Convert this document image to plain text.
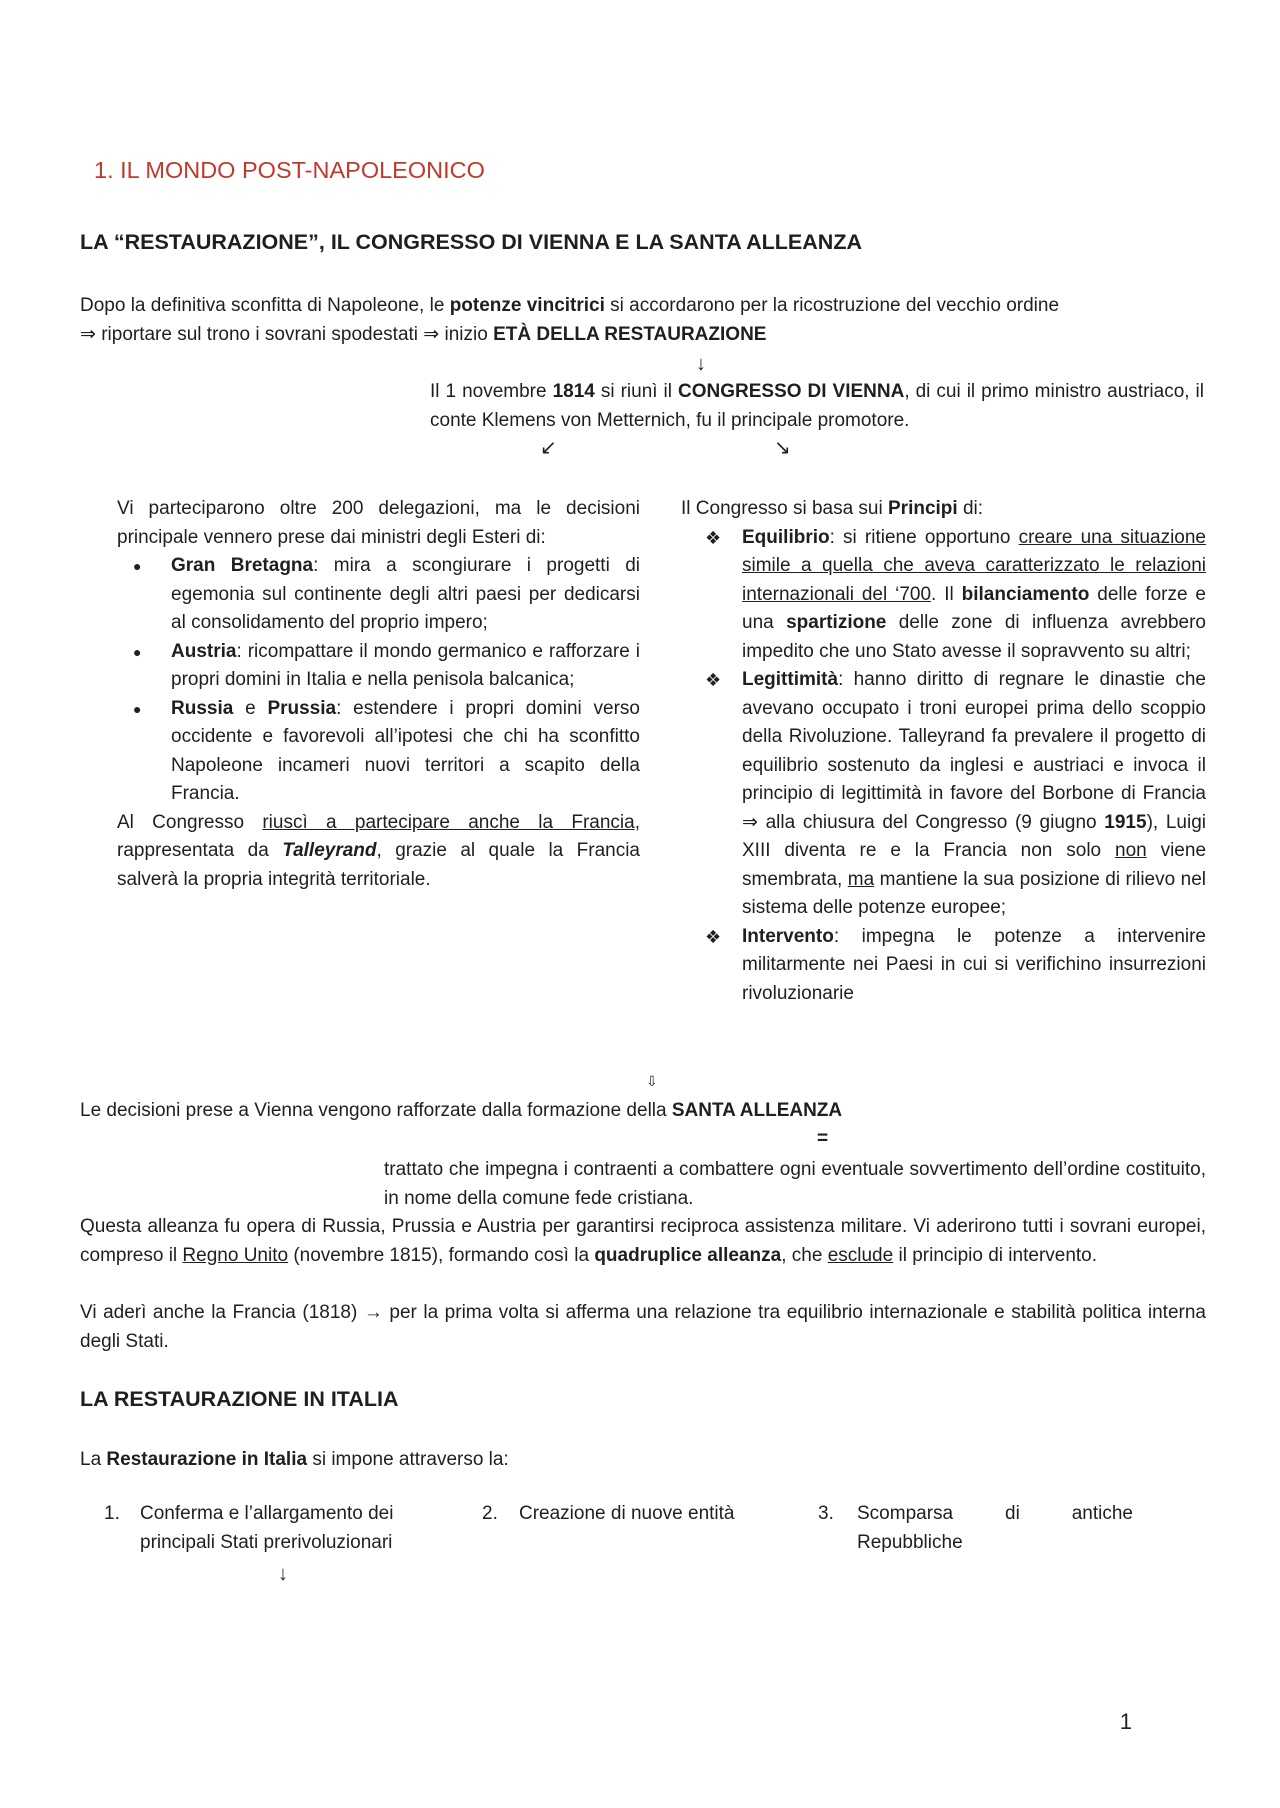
1. IL MONDO POST-NAPOLEONICO
LA “RESTAURAZIONE”, IL CONGRESSO DI VIENNA E LA SANTA ALLEANZA
Dopo la definitiva sconfitta di Napoleone, le potenze vincitrici si accordarono per la ricostruzione del vecchio ordine
⇒ riportare sul trono i sovrani spodestati ⇒ inizio ETÀ DELLA RESTAURAZIONE
↓
Il 1 novembre 1814 si riunì il CONGRESSO DI VIENNA, di cui il primo ministro austriaco, il conte Klemens von Metternich, fu il principale promotore.
↙	↘
Vi parteciparono oltre 200 delegazioni, ma le decisioni principale vennero prese dai ministri degli Esteri di:
● Gran Bretagna: mira a scongiurare i progetti di egemonia sul continente degli altri paesi per dedicarsi al consolidamento del proprio impero;
● Austria: ricompattare il mondo germanico e rafforzare i propri domini in Italia e nella penisola balcanica;
● Russia e Prussia: estendere i propri domini verso occidente e favorevoli all’ipotesi che chi ha sconfitto Napoleone incameri nuovi territori a scapito della Francia.
Al Congresso riuscì a partecipare anche la Francia, rappresentata da Talleyrand, grazie al quale la Francia salverà la propria integrità territoriale.
Il Congresso si basa sui Principi di:
❖ Equilibrio: si ritiene opportuno creare una situazione simile a quella che aveva caratterizzato le relazioni internazionali del ‘700. Il bilanciamento delle forze e una spartizione delle zone di influenza avrebbero impedito che uno Stato avesse il sopravvento su altri;
❖ Legittimità: hanno diritto di regnare le dinastie che avevano occupato i troni europei prima dello scoppio della Rivoluzione. Talleyrand fa prevalere il progetto di equilibrio sostenuto da inglesi e austriaci e invoca il principio di legittimità in favore del Borbone di Francia ⇒ alla chiusura del Congresso (9 giugno 1915), Luigi XIII diventa re e la Francia non solo non viene smembrata, ma mantiene la sua posizione di rilievo nel sistema delle potenze europee;
❖ Intervento: impegna le potenze a intervenire militarmente nei Paesi in cui si verifichino insurrezioni rivoluzionarie
⇩
Le decisioni prese a Vienna vengono rafforzate dalla formazione della SANTA ALLEANZA
=
trattato che impegna i contraenti a combattere ogni eventuale sovvertimento dell’ordine costituito, in nome della comune fede cristiana.
Questa alleanza fu opera di Russia, Prussia e Austria per garantirsi reciproca assistenza militare. Vi aderirono tutti i sovrani europei, compreso il Regno Unito (novembre 1815), formando così la quadruplice alleanza, che esclude il principio di intervento.
Vi aderì anche la Francia (1818) → per la prima volta si afferma una relazione tra equilibrio internazionale e stabilità politica interna degli Stati.
LA RESTAURAZIONE IN ITALIA
La Restaurazione in Italia si impone attraverso la:
1. Conferma e l’allargamento dei principali Stati prerivoluzionari
2. Creazione di nuove entità	3. Scomparsa di antiche Repubbliche
↓
1
